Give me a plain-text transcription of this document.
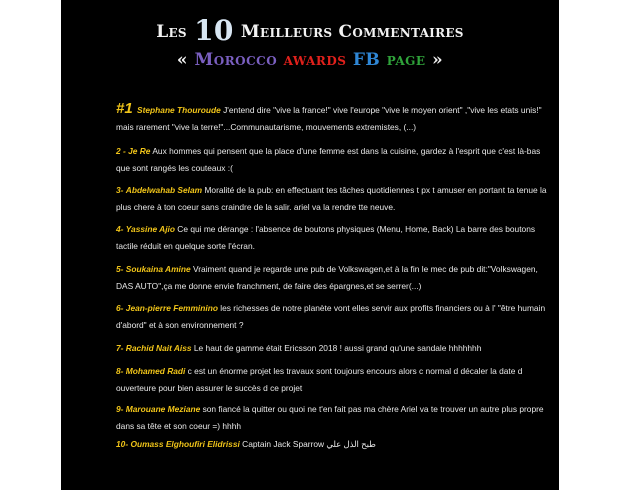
Les 10 Meilleurs Commentaires
« Morocco awards FB page »
#1 Stephane Thouroude J'entend dire "vive la france!" vive l'europe "vive le moyen orient" ,"vive les etats unis!" mais rarement "vive la terre!"...Communautarisme, mouvements extremistes, (...)
2 - Je Re Aux hommes qui pensent que la place d'une femme est dans la cuisine, gardez à l'esprit que c'est là-bas que sont rangés les couteaux :(
3- Abdelwahab Selam Moralité de la pub: en effectuant tes tâches quotidiennes t px t amuser en portant ta tenue la plus chere à ton coeur sans craindre de la salir. ariel va la rendre tte neuve.
4- Yassine Ajio Ce qui me dérange : l'absence de boutons physiques (Menu, Home, Back) La barre des boutons tactile réduit en quelque sorte l'écran.
5- Soukaina Amine Vraiment quand je regarde une pub de Volkswagen,et à la fin le mec de pub dit:"Volkswagen, DAS AUTO",ça me donne envie franchment, de faire des épargnes,et se serrer(...)
6- Jean-pierre Femminino les richesses de notre planète vont elles servir aux profits financiers ou à l' "être humain d'abord" et à son environnement ?
7- Rachid Nait Aiss Le haut de gamme était Ericsson 2018 ! aussi grand qu'une sandale hhhhhhh
8- Mohamed Radi c est un énorme projet les travaux sont toujours encours alors c normal d décaler la date d ouverteure pour bien assurer le succès d ce projet
9- Marouane Meziane son fiancé la quitter ou quoi ne t'en fait pas ma chère Ariel va te trouver un autre plus propre dans sa tête et son coeur =) hhhh
10- Oumass Elghoufiri Elidrissi Captain Jack Sparrow طبح الذل علي
